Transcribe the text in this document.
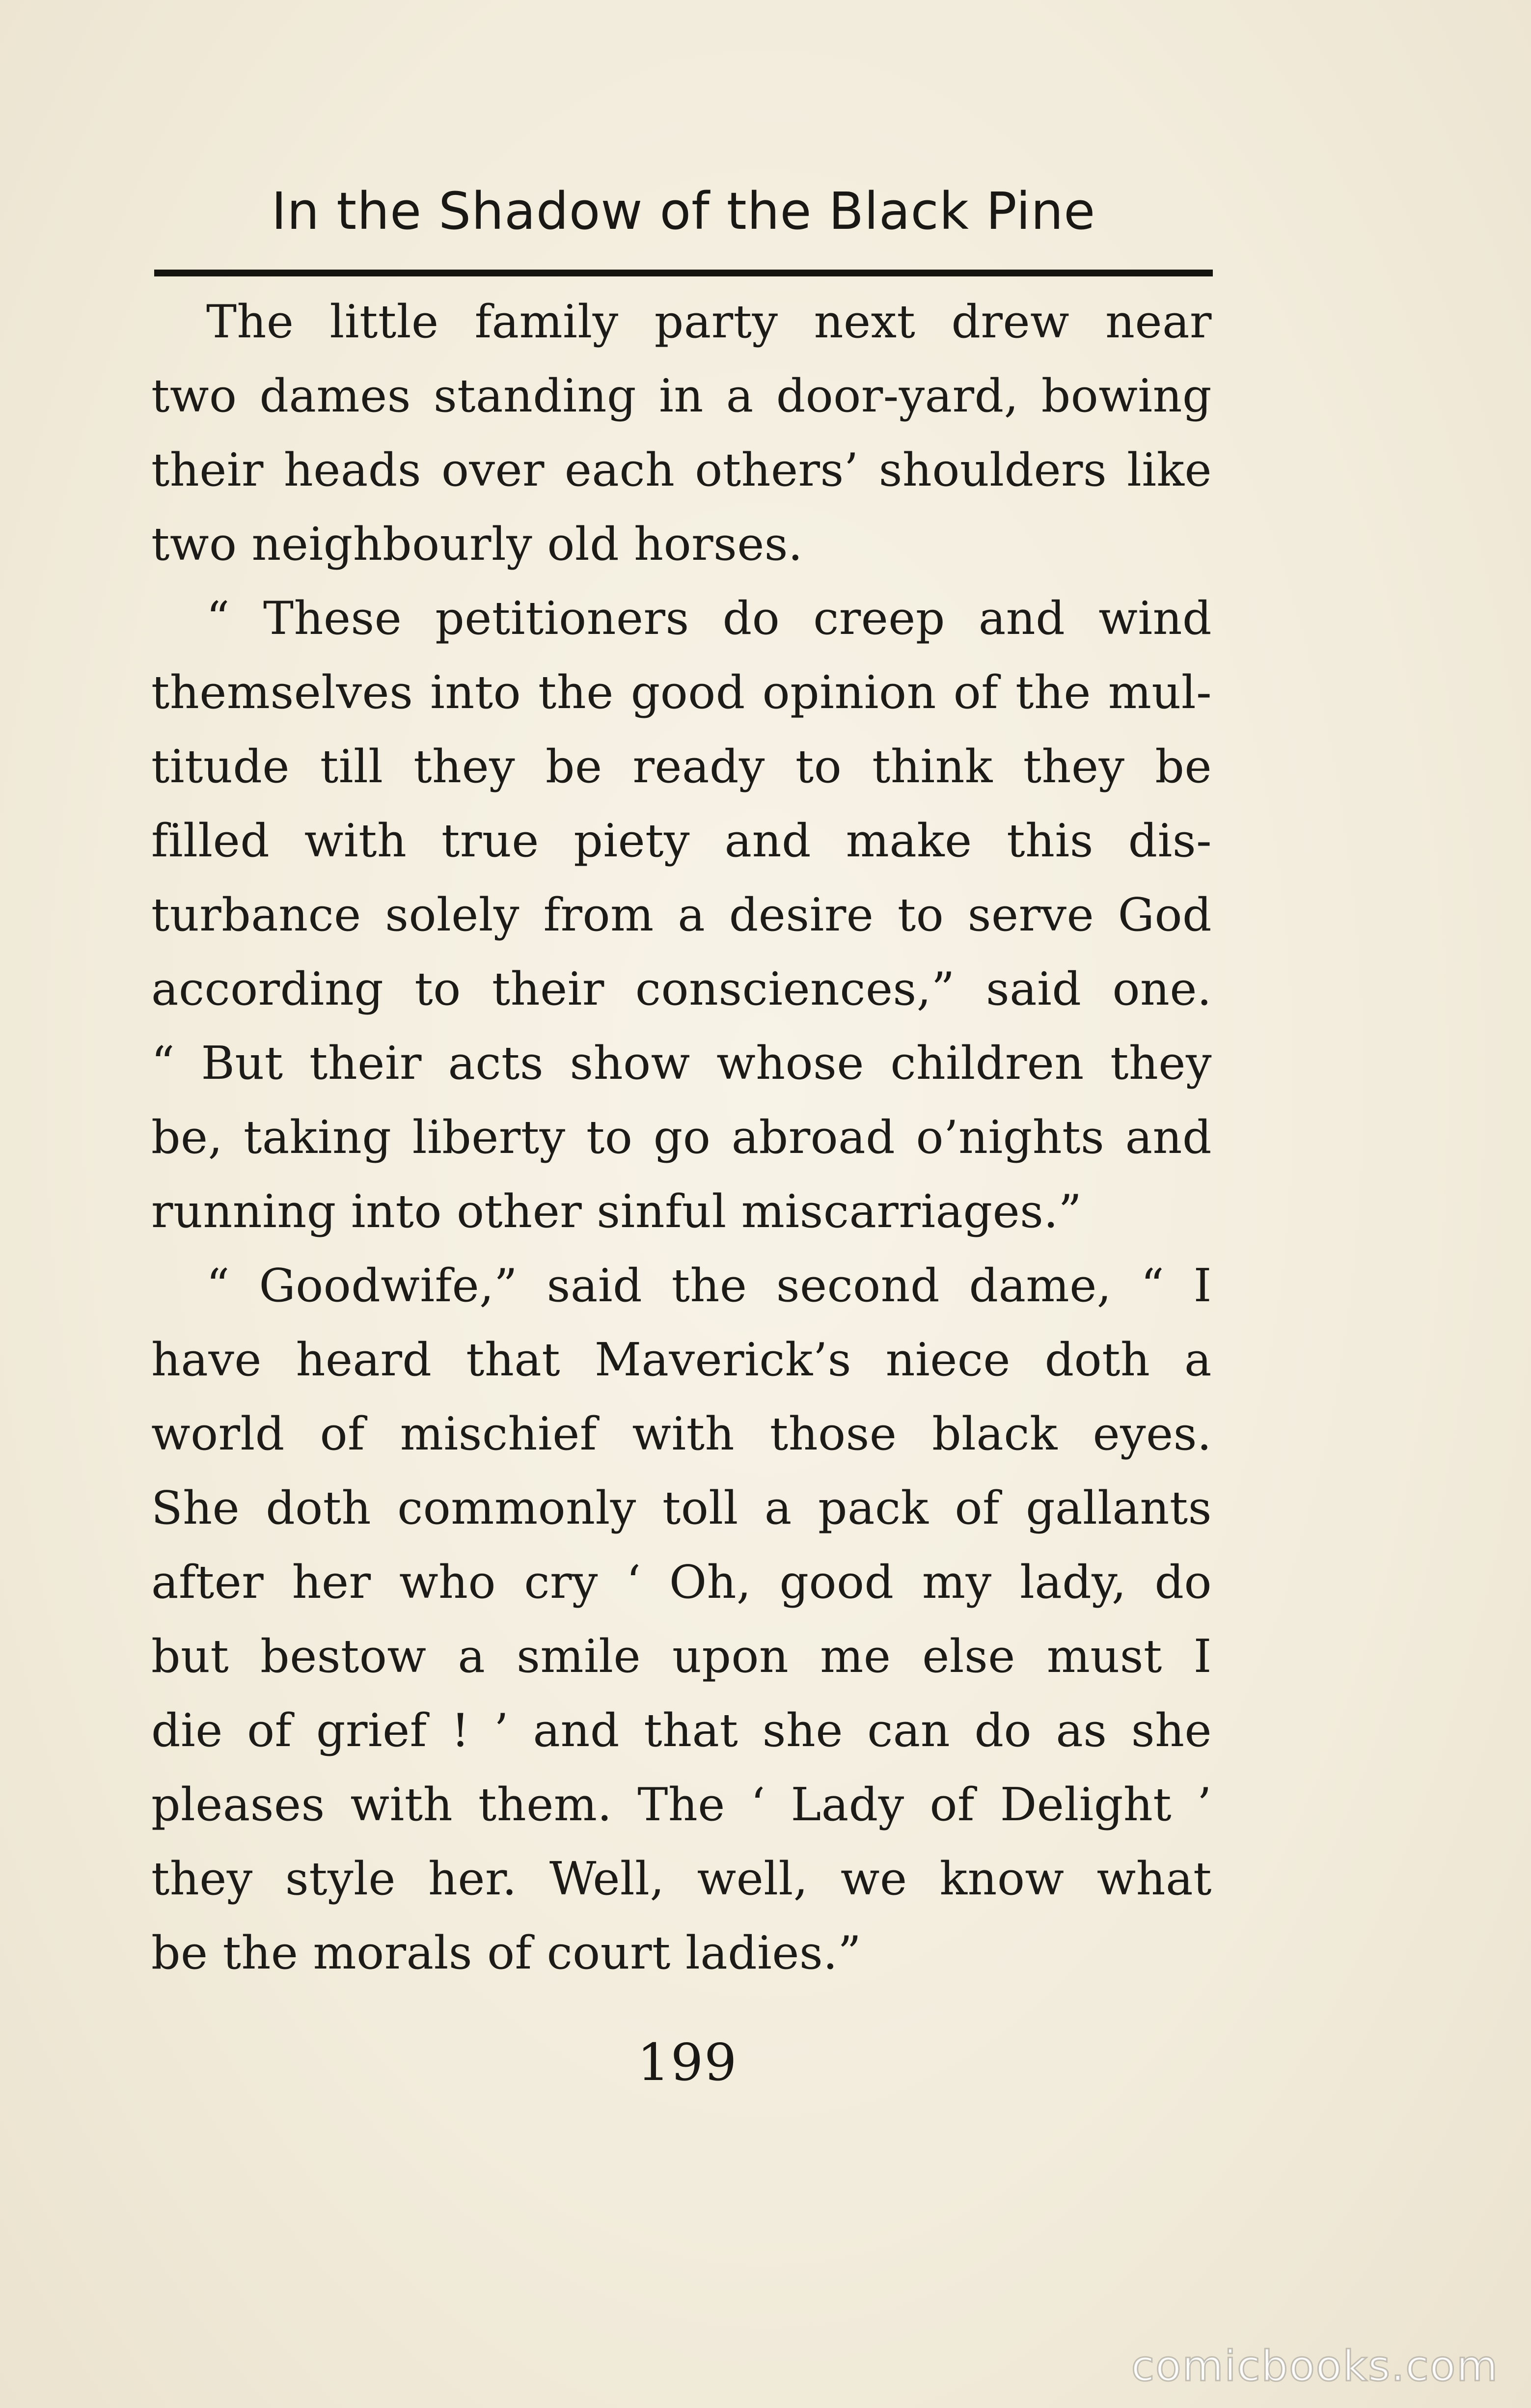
In the Shadow of the Black Pine
The little family party next drew near
two dames standing in a door-yard, bowing
their heads over each others’ shoulders like
two neighbourly old horses.
“ These petitioners do creep and wind
themselves into the good opinion of the mul-
titude till they be ready to think they be
filled with true piety and make this dis-
turbance solely from a desire to serve God
according to their consciences,” said one.
“ But their acts show whose children they
be, taking liberty to go abroad o’nights and
running into other sinful miscarriages.”
“ Goodwife,” said the second dame, “ I
have heard that Maverick’s niece doth a
world of mischief with those black eyes.
She doth commonly toll a pack of gallants
after her who cry ‘ Oh, good my lady, do
but bestow a smile upon me else must I
die of grief ! ’ and that she can do as she
pleases with them. The ‘ Lady of Delight ’
they style her. Well, well, we know what
be the morals of court ladies.”
199
comicbooks.com
